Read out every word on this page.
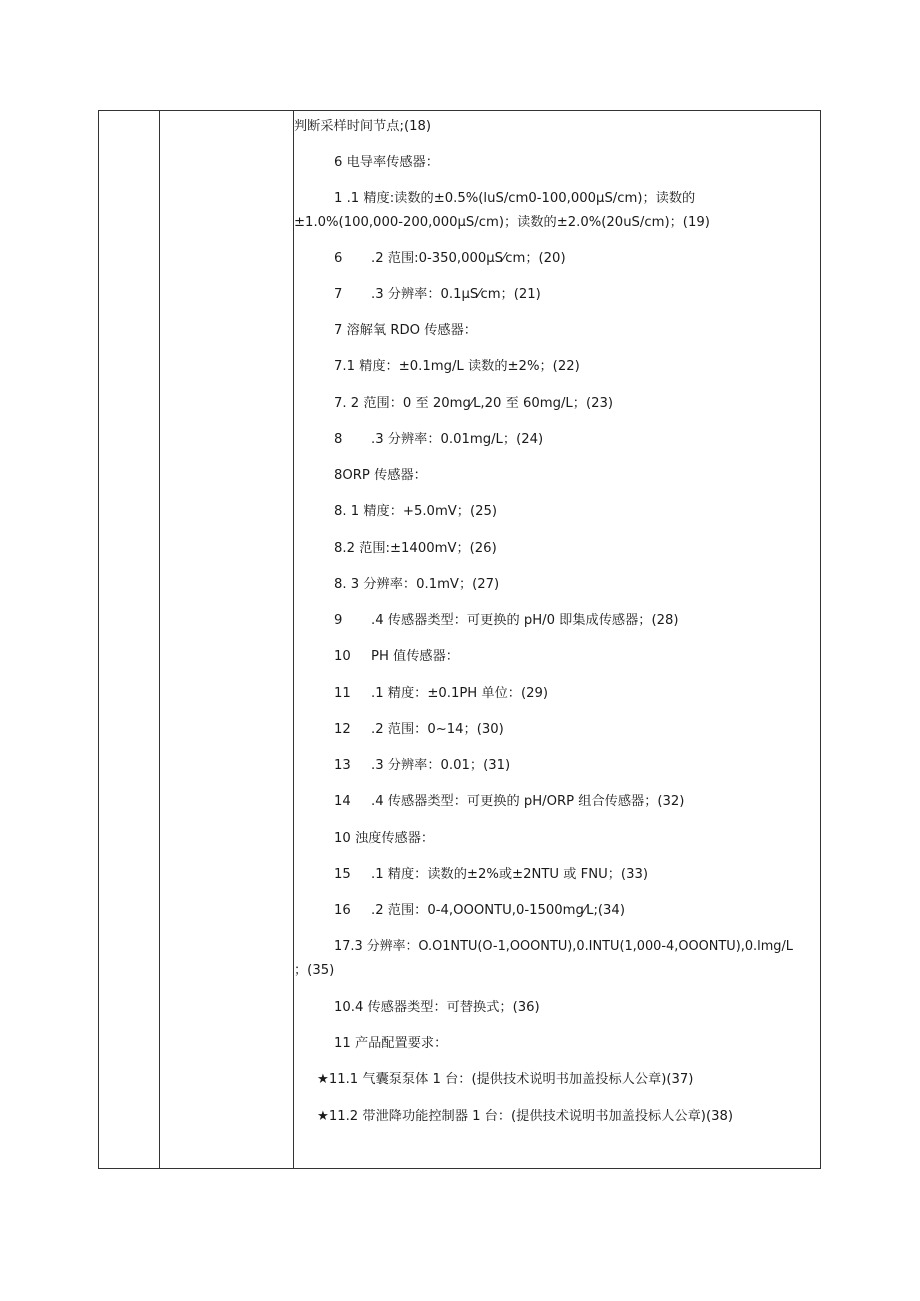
判断采样时间节点;(18)
6 电导率传感器：
1 .1 精度:读数的±0.5%(luS/cm0-100,000μS/cm)；读数的
±1.0%(100,000-200,000μS/cm)；读数的±2.0%(20uS/cm)；(19)
6 .2 范围:0-350,000μS⁄cm；(20)
7 .3 分辨率：0.1μS⁄cm；(21)
7 溶解氧 RDO 传感器：
7.1 精度：±0.1mg/L 读数的±2%；(22)
7. 2 范围：0 至 20mg⁄L,20 至 60mg/L；(23)
8 .3 分辨率：0.01mg/L；(24)
8ORP 传感器：
8. 1 精度：+5.0mV；(25)
8.2 范围:±1400mV；(26)
8. 3 分辨率：0.1mV；(27)
9 .4 传感器类型：可更换的 pH/0 即集成传感器；(28)
10 PH 值传感器：
11 .1 精度：±0.1PH 单位：(29)
12 .2 范围：0~14；(30)
13 .3 分辨率：0.01；(31)
14 .4 传感器类型：可更换的 pH/ORP 组合传感器；(32)
10 浊度传感器：
15 .1 精度：读数的±2%或±2NTU 或 FNU；(33)
16 .2 范围：0-4,OOONTU,0-1500mg⁄L;(34)
17.3 分辨率：O.O1NTU(O-1,OOONTU),0.INTU(1,000-4,OOONTU),0.lmg/L
；(35)
10.4 传感器类型：可替换式；(36)
11 产品配置要求：
★11.1 气囊泵泵体 1 台：(提供技术说明书加盖投标人公章)(37)
★11.2 带泄降功能控制器 1 台：(提供技术说明书加盖投标人公章)(38)
